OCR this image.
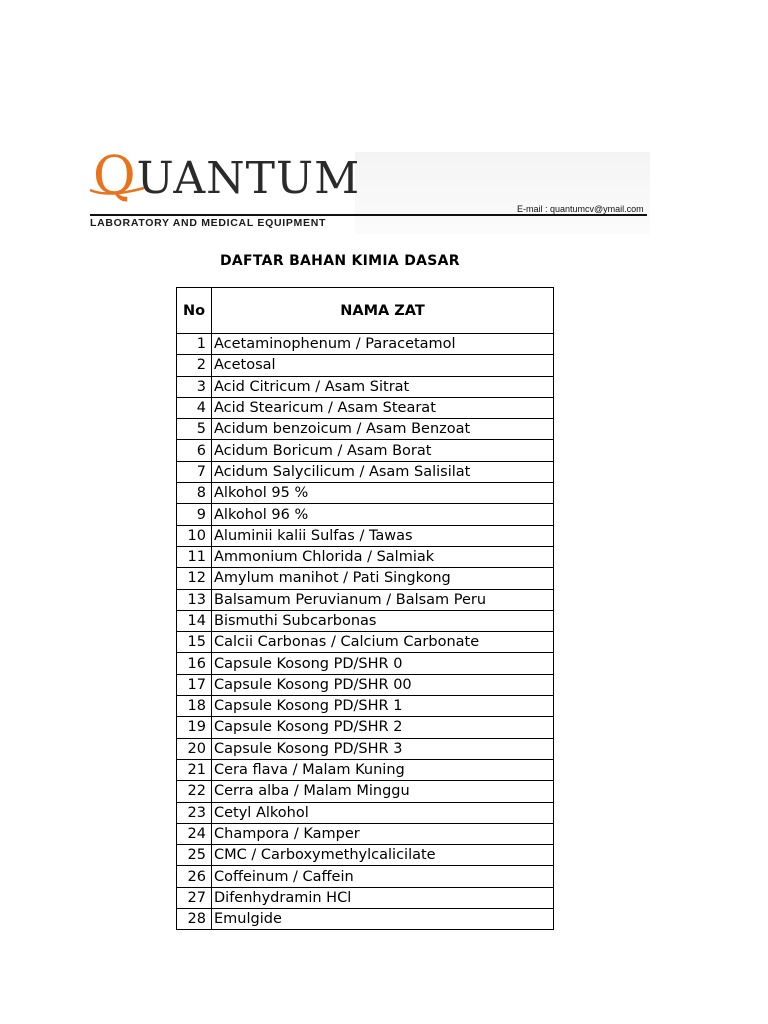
QUANTUM
E-mail : quantumcv@ymail.com
LABORATORY AND MEDICAL EQUIPMENT
DAFTAR BAHAN KIMIA DASAR
No	NAMA ZAT
1	Acetaminophenum / Paracetamol
2	Acetosal
3	Acid Citricum / Asam Sitrat
4	Acid Stearicum / Asam Stearat
5	Acidum benzoicum / Asam Benzoat
6	Acidum Boricum / Asam Borat
7	Acidum Salycilicum / Asam Salisilat
8	Alkohol 95 %
9	Alkohol 96 %
10	Aluminii kalii Sulfas / Tawas
11	Ammonium Chlorida / Salmiak
12	Amylum manihot / Pati Singkong
13	Balsamum Peruvianum / Balsam Peru
14	Bismuthi Subcarbonas
15	Calcii Carbonas / Calcium Carbonate
16	Capsule Kosong PD/SHR 0
17	Capsule Kosong PD/SHR 00
18	Capsule Kosong PD/SHR 1
19	Capsule Kosong PD/SHR 2
20	Capsule Kosong PD/SHR 3
21	Cera flava / Malam Kuning
22	Cerra alba / Malam Minggu
23	Cetyl Alkohol
24	Champora / Kamper
25	CMC / Carboxymethylcalicilate
26	Coffeinum / Caffein
27	Difenhydramin HCl
28	Emulgide
